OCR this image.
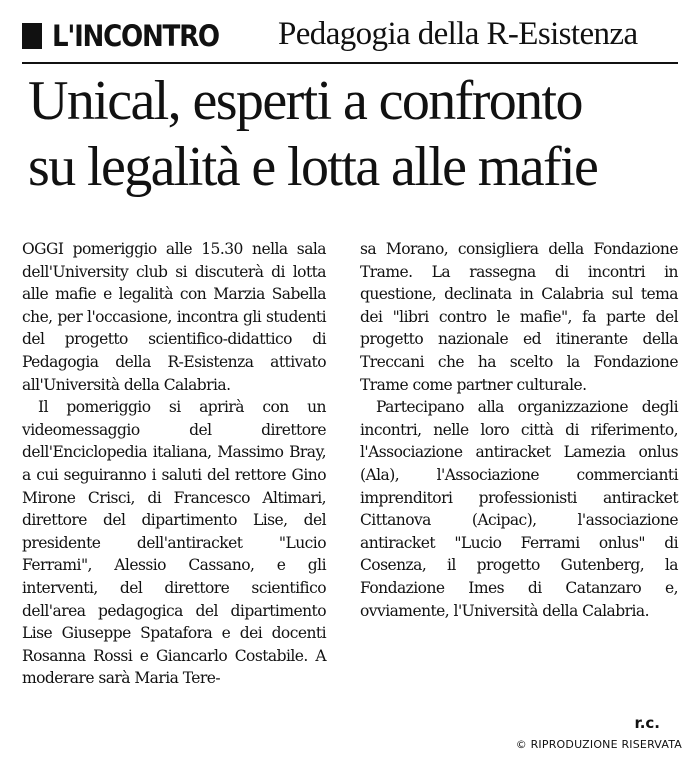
L'INCONTRO Pedagogia della R-Esistenza
Unical, esperti a confronto
su legalità e lotta alle mafie

OGGI pomeriggio alle 15.30 nella sala dell'University club si discuterà di lotta alle mafie e legalità con Marzia Sabella che, per l'occasione, incontra gli studenti del progetto scientifico-didattico di Pedagogia della R-Esistenza attivato all'Università della Calabria.

Il pomeriggio si aprirà con un videomessaggio del direttore dell'Enciclopedia italiana, Massimo Bray, a cui seguiranno i saluti del rettore Gino Mirone Crisci, di Francesco Altimari, direttore del dipartimento Lise, del presidente dell'antiracket "Lucio Ferrami", Alessio Cassano, e gli interventi, del direttore scientifico dell'area pedagogica del dipartimento Lise Giuseppe Spatafora e dei docenti Rosanna Rossi e Giancarlo Costabile. A moderare sarà Maria Tere-

sa Morano, consigliera della Fondazione Trame. La rassegna di incontri in questione, declinata in Calabria sul tema dei "libri contro le mafie", fa parte del progetto nazionale ed itinerante della Treccani che ha scelto la Fondazione Trame come partner culturale.

Partecipano alla organizzazione degli incontri, nelle loro città di riferimento, l'Associazione antiracket Lamezia onlus (Ala), l'Associazione commercianti imprenditori professionisti antiracket Cittanova (Acipac), l'associazione antiracket "Lucio Ferrami onlus" di Cosenza, il progetto Gutenberg, la Fondazione Imes di Catanzaro e, ovviamente, l'Università della Calabria.

r.c.
© RIPRODUZIONE RISERVATA
